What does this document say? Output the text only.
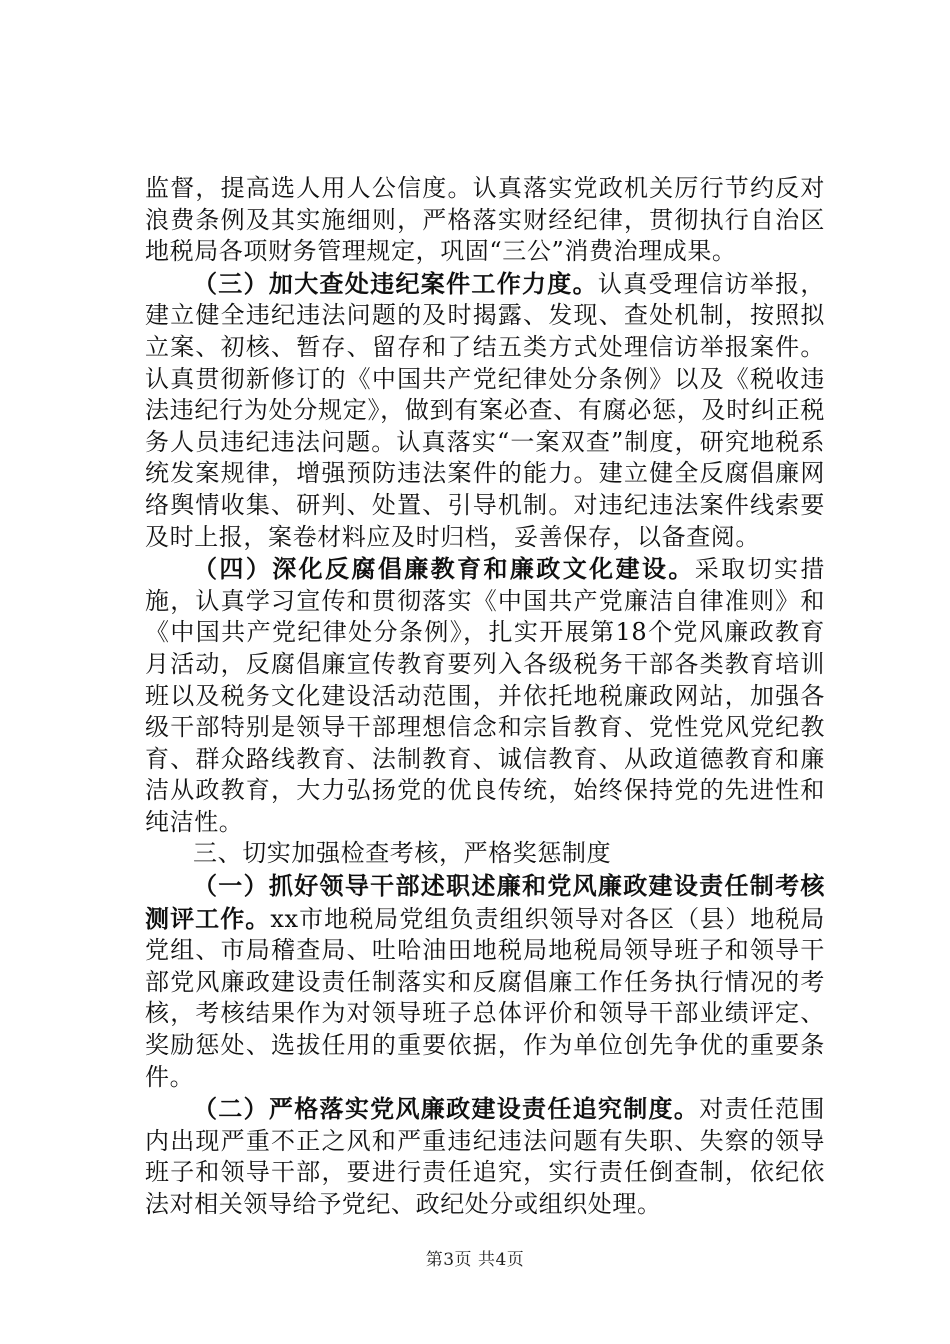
监督，提高选人用人公信度。认真落实党政机关厉行节约反对浪费条例及其实施细则，严格落实财经纪律，贯彻执行自治区地税局各项财务管理规定，巩固“三公”消费治理成果。

（三）加大查处违纪案件工作力度。认真受理信访举报，建立健全违纪违法问题的及时揭露、发现、查处机制，按照拟立案、初核、暂存、留存和了结五类方式处理信访举报案件。认真贯彻新修订的《中国共产党纪律处分条例》以及《税收违法违纪行为处分规定》，做到有案必查、有腐必惩，及时纠正税务人员违纪违法问题。认真落实“一案双查”制度，研究地税系统发案规律，增强预防违法案件的能力。建立健全反腐倡廉网络舆情收集、研判、处置、引导机制。对违纪违法案件线索要及时上报，案卷材料应及时归档，妥善保存，以备查阅。

（四）深化反腐倡廉教育和廉政文化建设。采取切实措施，认真学习宣传和贯彻落实《中国共产党廉洁自律准则》和《中国共产党纪律处分条例》，扎实开展第18个党风廉政教育月活动，反腐倡廉宣传教育要列入各级税务干部各类教育培训班以及税务文化建设活动范围，并依托地税廉政网站，加强各级干部特别是领导干部理想信念和宗旨教育、党性党风党纪教育、群众路线教育、法制教育、诚信教育、从政道德教育和廉洁从政教育，大力弘扬党的优良传统，始终保持党的先进性和纯洁性。

三、切实加强检查考核，严格奖惩制度

（一）抓好领导干部述职述廉和党风廉政建设责任制考核测评工作。xx市地税局党组负责组织领导对各区（县）地税局党组、市局稽查局、吐哈油田地税局地税局领导班子和领导干部党风廉政建设责任制落实和反腐倡廉工作任务执行情况的考核，考核结果作为对领导班子总体评价和领导干部业绩评定、奖励惩处、选拔任用的重要依据，作为单位创先争优的重要条件。

（二）严格落实党风廉政建设责任追究制度。对责任范围内出现严重不正之风和严重违纪违法问题有失职、失察的领导班子和领导干部，要进行责任追究，实行责任倒查制，依纪依法对相关领导给予党纪、政纪处分或组织处理。

第3页 共4页
